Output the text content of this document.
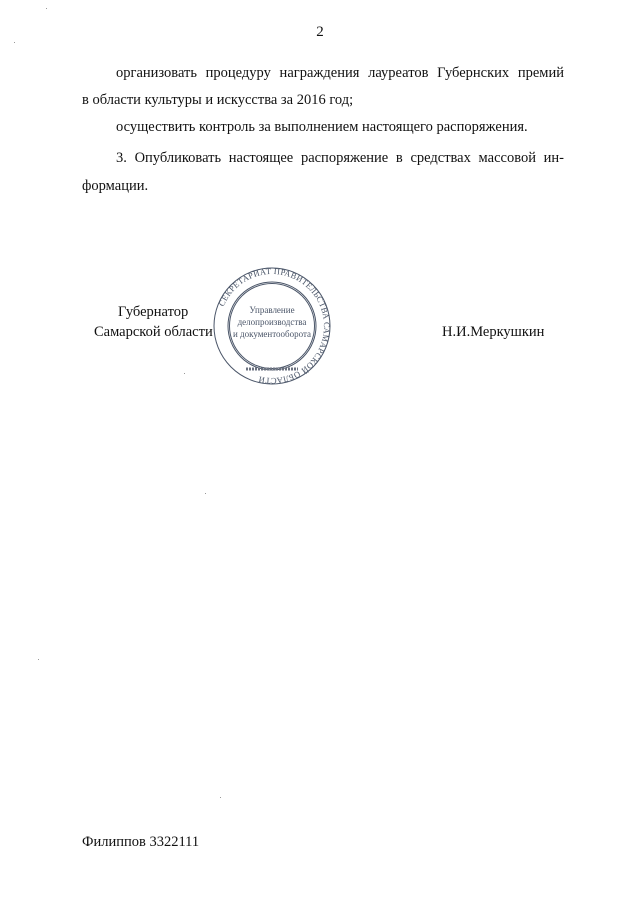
2
организовать процедуру награждения лауреатов Губернских премий
в области культуры и искусства за 2016 год;
осуществить контроль за выполнением настоящего распоряжения.
3. Опубликовать настоящее распоряжение в средствах массовой ин-
формации.
Губернатор
Самарской области	Н.И.Меркушкин
СЕКРЕТАРИАТ ПРАВИТЕЛЬСТВА САМАРСКОЙ ОБЛАСТИ
Управление
делопроизводства
и документооборота
Филиппов 3322111
